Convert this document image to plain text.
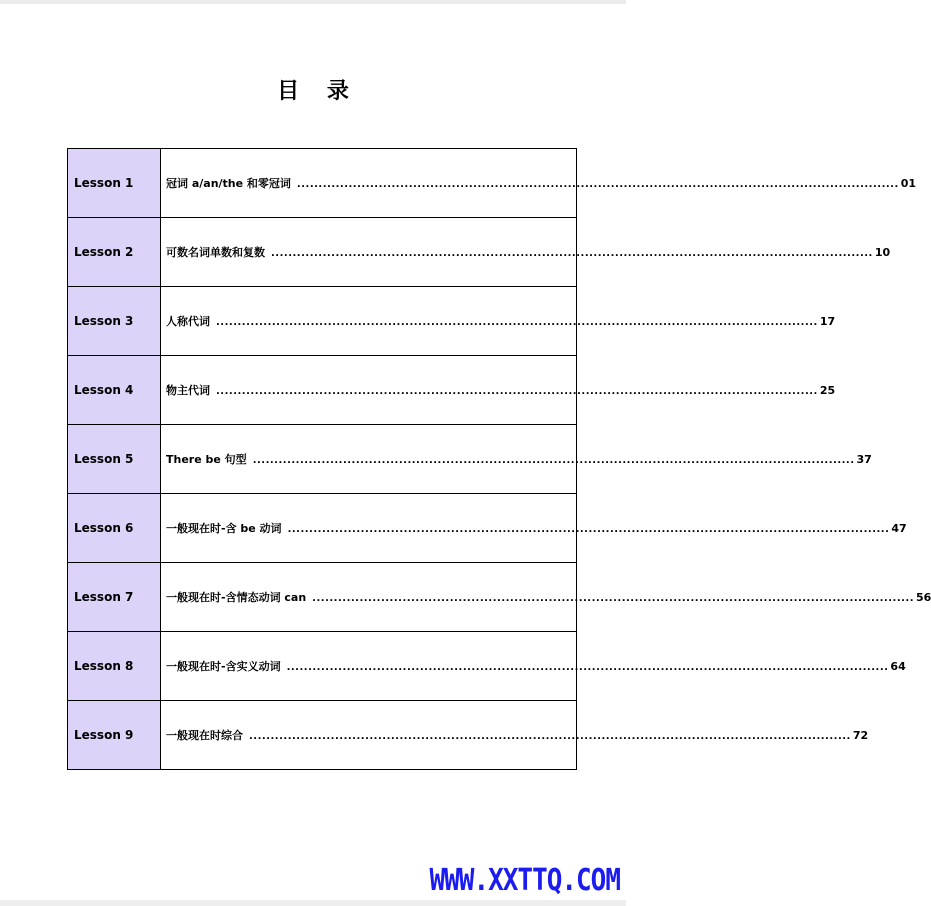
目 录
Lesson 1	冠词 a/an/the 和零冠词 ............................................................................................................................................ 01

Lesson 2	可数名词单数和复数 ............................................................................................................................................ 10

Lesson 3	人称代词 ............................................................................................................................................ 17

Lesson 4	物主代词 ............................................................................................................................................ 25

Lesson 5	There be 句型 ............................................................................................................................................ 37

Lesson 6	一般现在时-含 be 动词 ............................................................................................................................................ 47

Lesson 7	一般现在时-含情态动词 can ............................................................................................................................................ 56

Lesson 8	一般现在时-含实义动词 ............................................................................................................................................ 64

Lesson 9	一般现在时综合 ............................................................................................................................................ 72
WWW.XXTTQ.COM
